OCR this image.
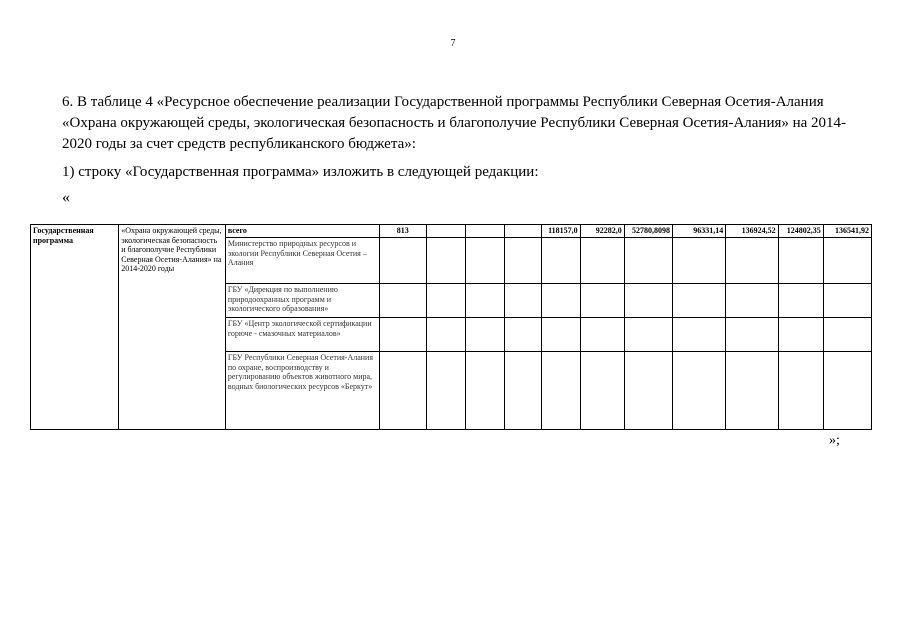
7
6. В таблице 4 «Ресурсное обеспечение реализации Государственной программы Республики Северная Осетия-Алания «Охрана окружающей среды, экологическая безопасность и благополучие Республики Северная Осетия-Алания» на 2014-2020 годы за счет средств республиканского бюджета»:
1) строку «Государственная программа» изложить в следующей редакции:
«
Государственная программа	«Охрана окружающей среды, экологическая безопасность и благополучие Республики Северная Осетия-Алания» на 2014-2020 годы	всего	813				118157,0	92282,0	52780,8098	96331,14	136924,52	124802,35	136541,92
		Министерство природных ресурсов и экологии Республики Северная Осетия – Алания											
		ГБУ «Дирекция по выполнению природоохранных программ и экологического образования»											
		ГБУ «Центр экологической сертификации горюче - смазочных материалов»											
		ГБУ Республики Северная Осетия-Алания по охране, воспроизводству и регулированию объектов животного мира, водных биологических ресурсов «Беркут»											
»;
